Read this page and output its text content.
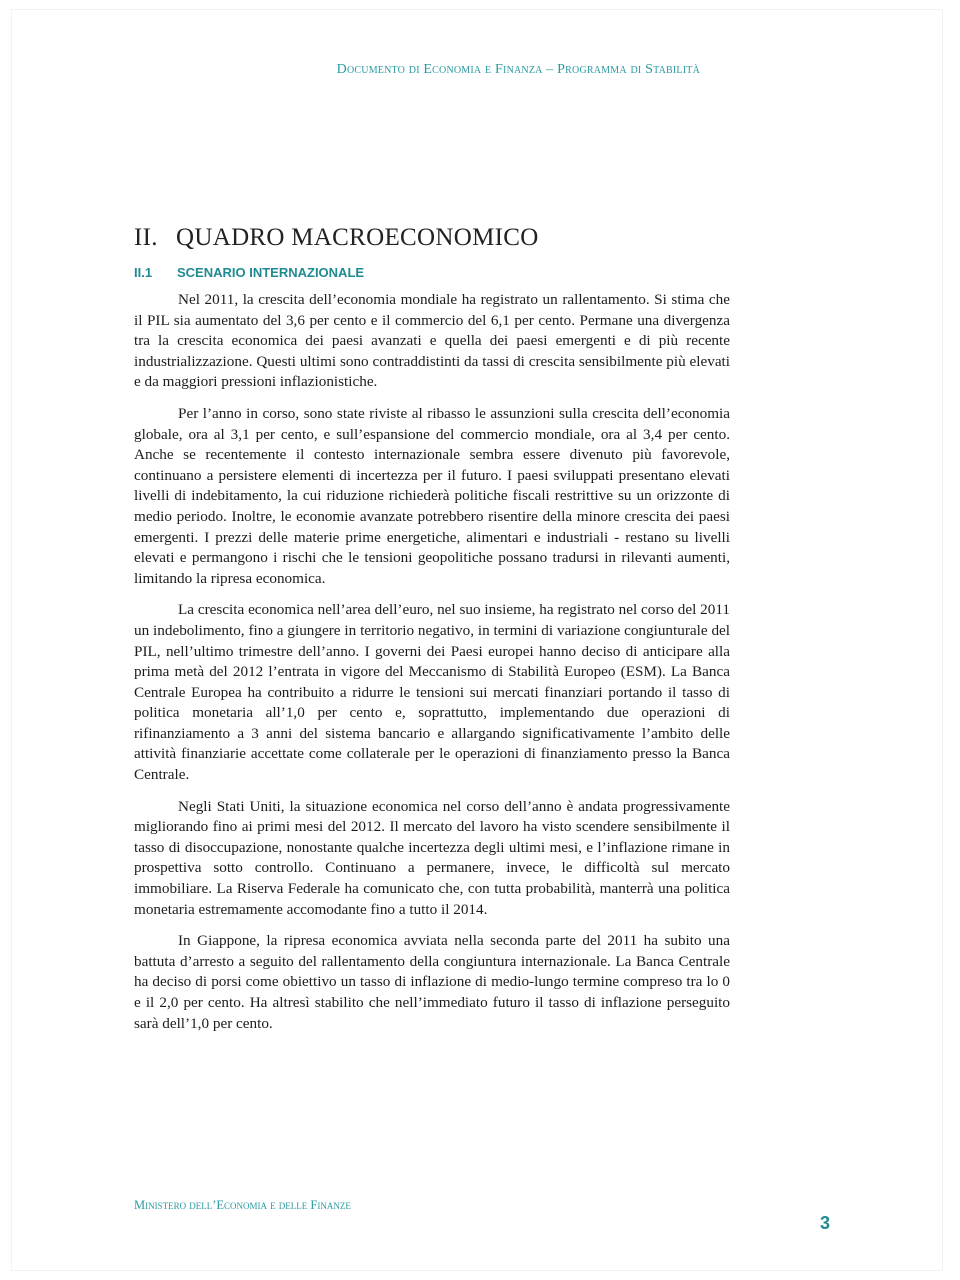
Documento di Economia e Finanza – Programma di Stabilità
II. QUADRO MACROECONOMICO
II.1 SCENARIO INTERNAZIONALE

Nel 2011, la crescita dell’economia mondiale ha registrato un rallentamento. Si stima che il PIL sia aumentato del 3,6 per cento e il commercio del 6,1 per cento. Permane una divergenza tra la crescita economica dei paesi avanzati e quella dei paesi emergenti e di più recente industrializzazione. Questi ultimi sono contraddistinti da tassi di crescita sensibilmente più elevati e da maggiori pressioni inflazionistiche.

Per l’anno in corso, sono state riviste al ribasso le assunzioni sulla crescita dell’economia globale, ora al 3,1 per cento, e sull’espansione del commercio mondiale, ora al 3,4 per cento. Anche se recentemente il contesto internazionale sembra essere divenuto più favorevole, continuano a persistere elementi di incertezza per il futuro. I paesi sviluppati presentano elevati livelli di indebitamento, la cui riduzione richiederà politiche fiscali restrittive su un orizzonte di medio periodo. Inoltre, le economie avanzate potrebbero risentire della minore crescita dei paesi emergenti. I prezzi delle materie prime energetiche, alimentari e industriali - restano su livelli elevati e permangono i rischi che le tensioni geopolitiche possano tradursi in rilevanti aumenti, limitando la ripresa economica.

La crescita economica nell’area dell’euro, nel suo insieme, ha registrato nel corso del 2011 un indebolimento, fino a giungere in territorio negativo, in termini di variazione congiunturale del PIL, nell’ultimo trimestre dell’anno. I governi dei Paesi europei hanno deciso di anticipare alla prima metà del 2012 l’entrata in vigore del Meccanismo di Stabilità Europeo (ESM). La Banca Centrale Europea ha contribuito a ridurre le tensioni sui mercati finanziari portando il tasso di politica monetaria all’1,0 per cento e, soprattutto, implementando due operazioni di rifinanziamento a 3 anni del sistema bancario e allargando significativamente l’ambito delle attività finanziarie accettate come collaterale per le operazioni di finanziamento presso la Banca Centrale.

Negli Stati Uniti, la situazione economica nel corso dell’anno è andata progressivamente migliorando fino ai primi mesi del 2012. Il mercato del lavoro ha visto scendere sensibilmente il tasso di disoccupazione, nonostante qualche incertezza degli ultimi mesi, e l’inflazione rimane in prospettiva sotto controllo. Continuano a permanere, invece, le difficoltà sul mercato immobiliare. La Riserva Federale ha comunicato che, con tutta probabilità, manterrà una politica monetaria estremamente accomodante fino a tutto il 2014.

In Giappone, la ripresa economica avviata nella seconda parte del 2011 ha subito una battuta d’arresto a seguito del rallentamento della congiuntura internazionale. La Banca Centrale ha deciso di porsi come obiettivo un tasso di inflazione di medio-lungo termine compreso tra lo 0 e il 2,0 per cento. Ha altresì stabilito che nell’immediato futuro il tasso di inflazione perseguito sarà dell’1,0 per cento.

Ministero dell’Economia e delle Finanze
3
